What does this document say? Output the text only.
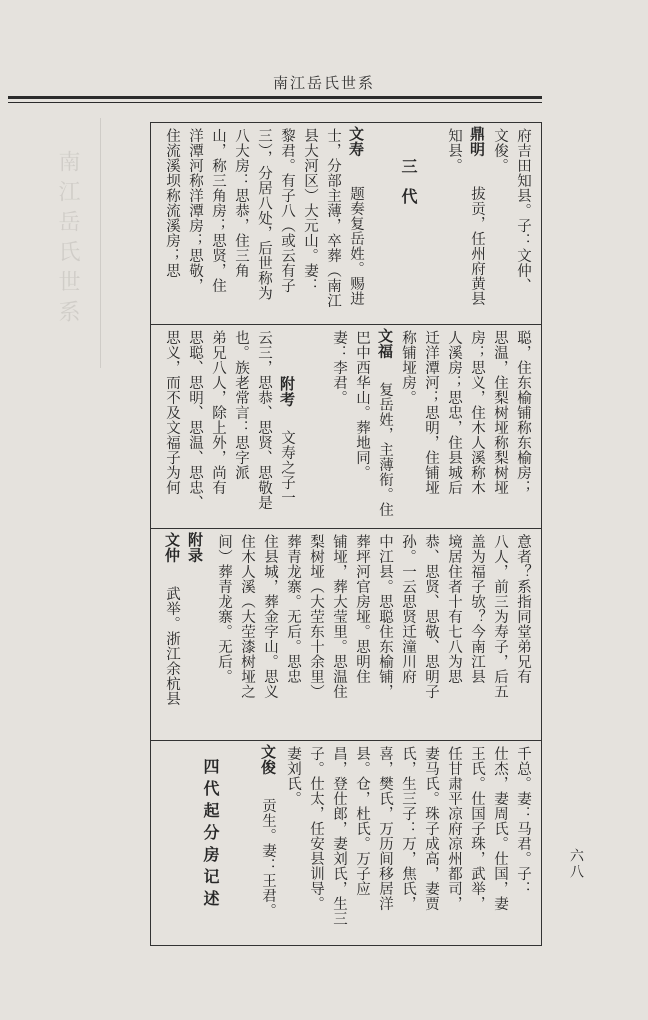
南江岳氏世系
南江岳氏世系
府吉田知县。子：文仲、
文俊。
鼎明
拔贡，任州府黄县
知县。
三代
文寿
题奏复岳姓。赐进
士，分部主薄，卒葬（南江
县大河区）大元山。妻：
黎君。有子八（或云有子
三），分居八处，后世称为
八大房：思恭，住三角
山，称三角房；思贤，住
洋潭河称洋潭房；思敬，
住流溪坝称流溪房；思
聪，住东榆铺称东榆房；
思温，住梨树垭称梨树垭
房；思义，住木人溪称木
人溪房；思忠，住县城后
迁洋潭河；思明，住铺垭
称铺垭房。
文福
复岳姓，主薄衔。住
巴中西华山。葬地同。
妻：李君。
附考
文寿之子一
云三，思恭、思贤、思敬是
也。族老常言：思字派
弟兄八人，除上外，尚有
思聪、思明、思温、思忠、
思义，而不及文福子为何
意者？系指同堂弟兄有
八人，前三为寿子，后五
盖为福子欤？今南江县
境居住者十有七八为思
恭、思贤、思敬、思明子
孙。一云思贤迁潼川府
中江县。思聪住东榆铺，
葬坪河官房垭。思明住
铺垭，葬大莹里。思温住
梨树垭（大茔东十余里）
葬青龙寨。无后。思忠
住县城，葬金字山。思义
住木人溪（大茔漆树垭之
间）葬青龙寨。无后。
附录
文仲
武举。浙江余杭县
千总。妻：马君。子：
仕杰，妻周氏。仕国，妻
王氏。仕国子珠，武举，
任甘肃平凉府凉州都司，
妻马氏。珠子成高，妻贾
氏，生三子：万，焦氏，
喜，樊氏，万历间移居洋
县。仓，杜氏。万子应
昌，登仕郎，妻刘氏，生三
子。仕太，任安县训导。
妻刘氏。
文俊
贡生。妻：王君。
四代起分房记述	六八
